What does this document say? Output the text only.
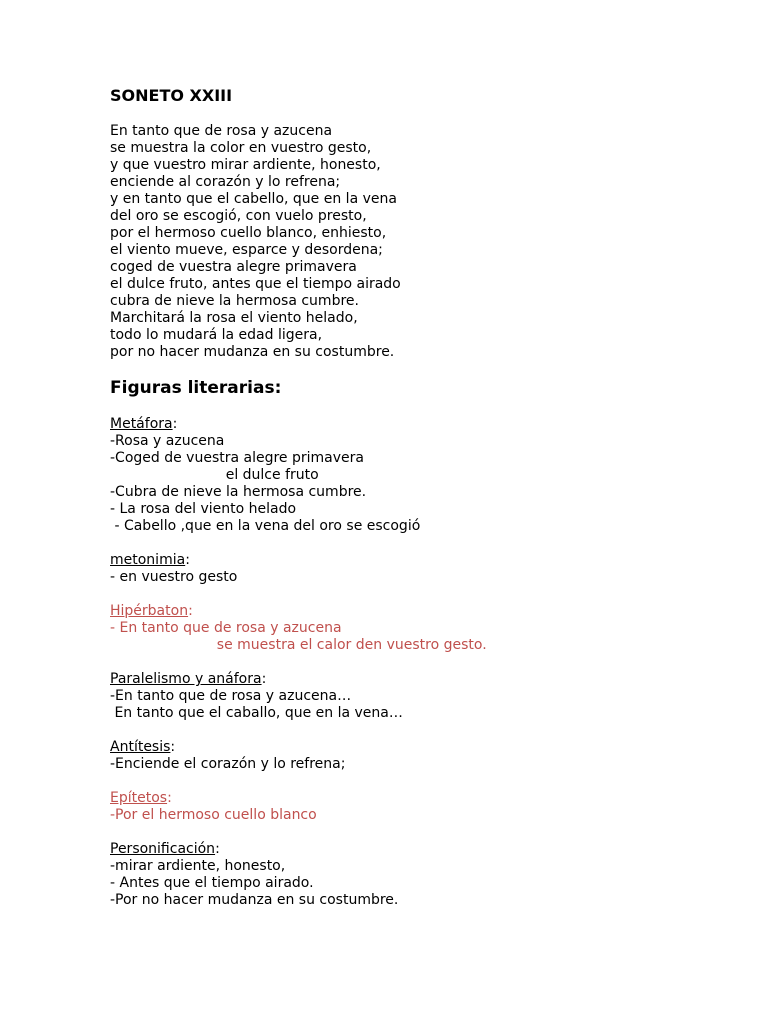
SONETO XXIII
En tanto que de rosa y azucena
se muestra la color en vuestro gesto,
y que vuestro mirar ardiente, honesto,
enciende al corazón y lo refrena;
y en tanto que el cabello, que en la vena
del oro se escogió, con vuelo presto,
por el hermoso cuello blanco, enhiesto,
el viento mueve, esparce y desordena;
coged de vuestra alegre primavera
el dulce fruto, antes que el tiempo airado
cubra de nieve la hermosa cumbre.
Marchitará la rosa el viento helado,
todo lo mudará la edad ligera,
por no hacer mudanza en su costumbre.
Figuras literarias:
Metáfora:
-Rosa y azucena
-Coged de vuestra alegre primavera
el dulce fruto
-Cubra de nieve la hermosa cumbre.
- La rosa del viento helado
- Cabello ,que en la vena del oro se escogió
metonimia:
- en vuestro gesto
Hipérbaton:
- En tanto que de rosa y azucena
se muestra el calor den vuestro gesto.
Paralelismo y anáfora:
-En tanto que de rosa y azucena…
En tanto que el caballo, que en la vena…
Antítesis:
-Enciende el corazón y lo refrena;
Epítetos:
-Por el hermoso cuello blanco
Personificación:
-mirar ardiente, honesto,
- Antes que el tiempo airado.
-Por no hacer mudanza en su costumbre.
